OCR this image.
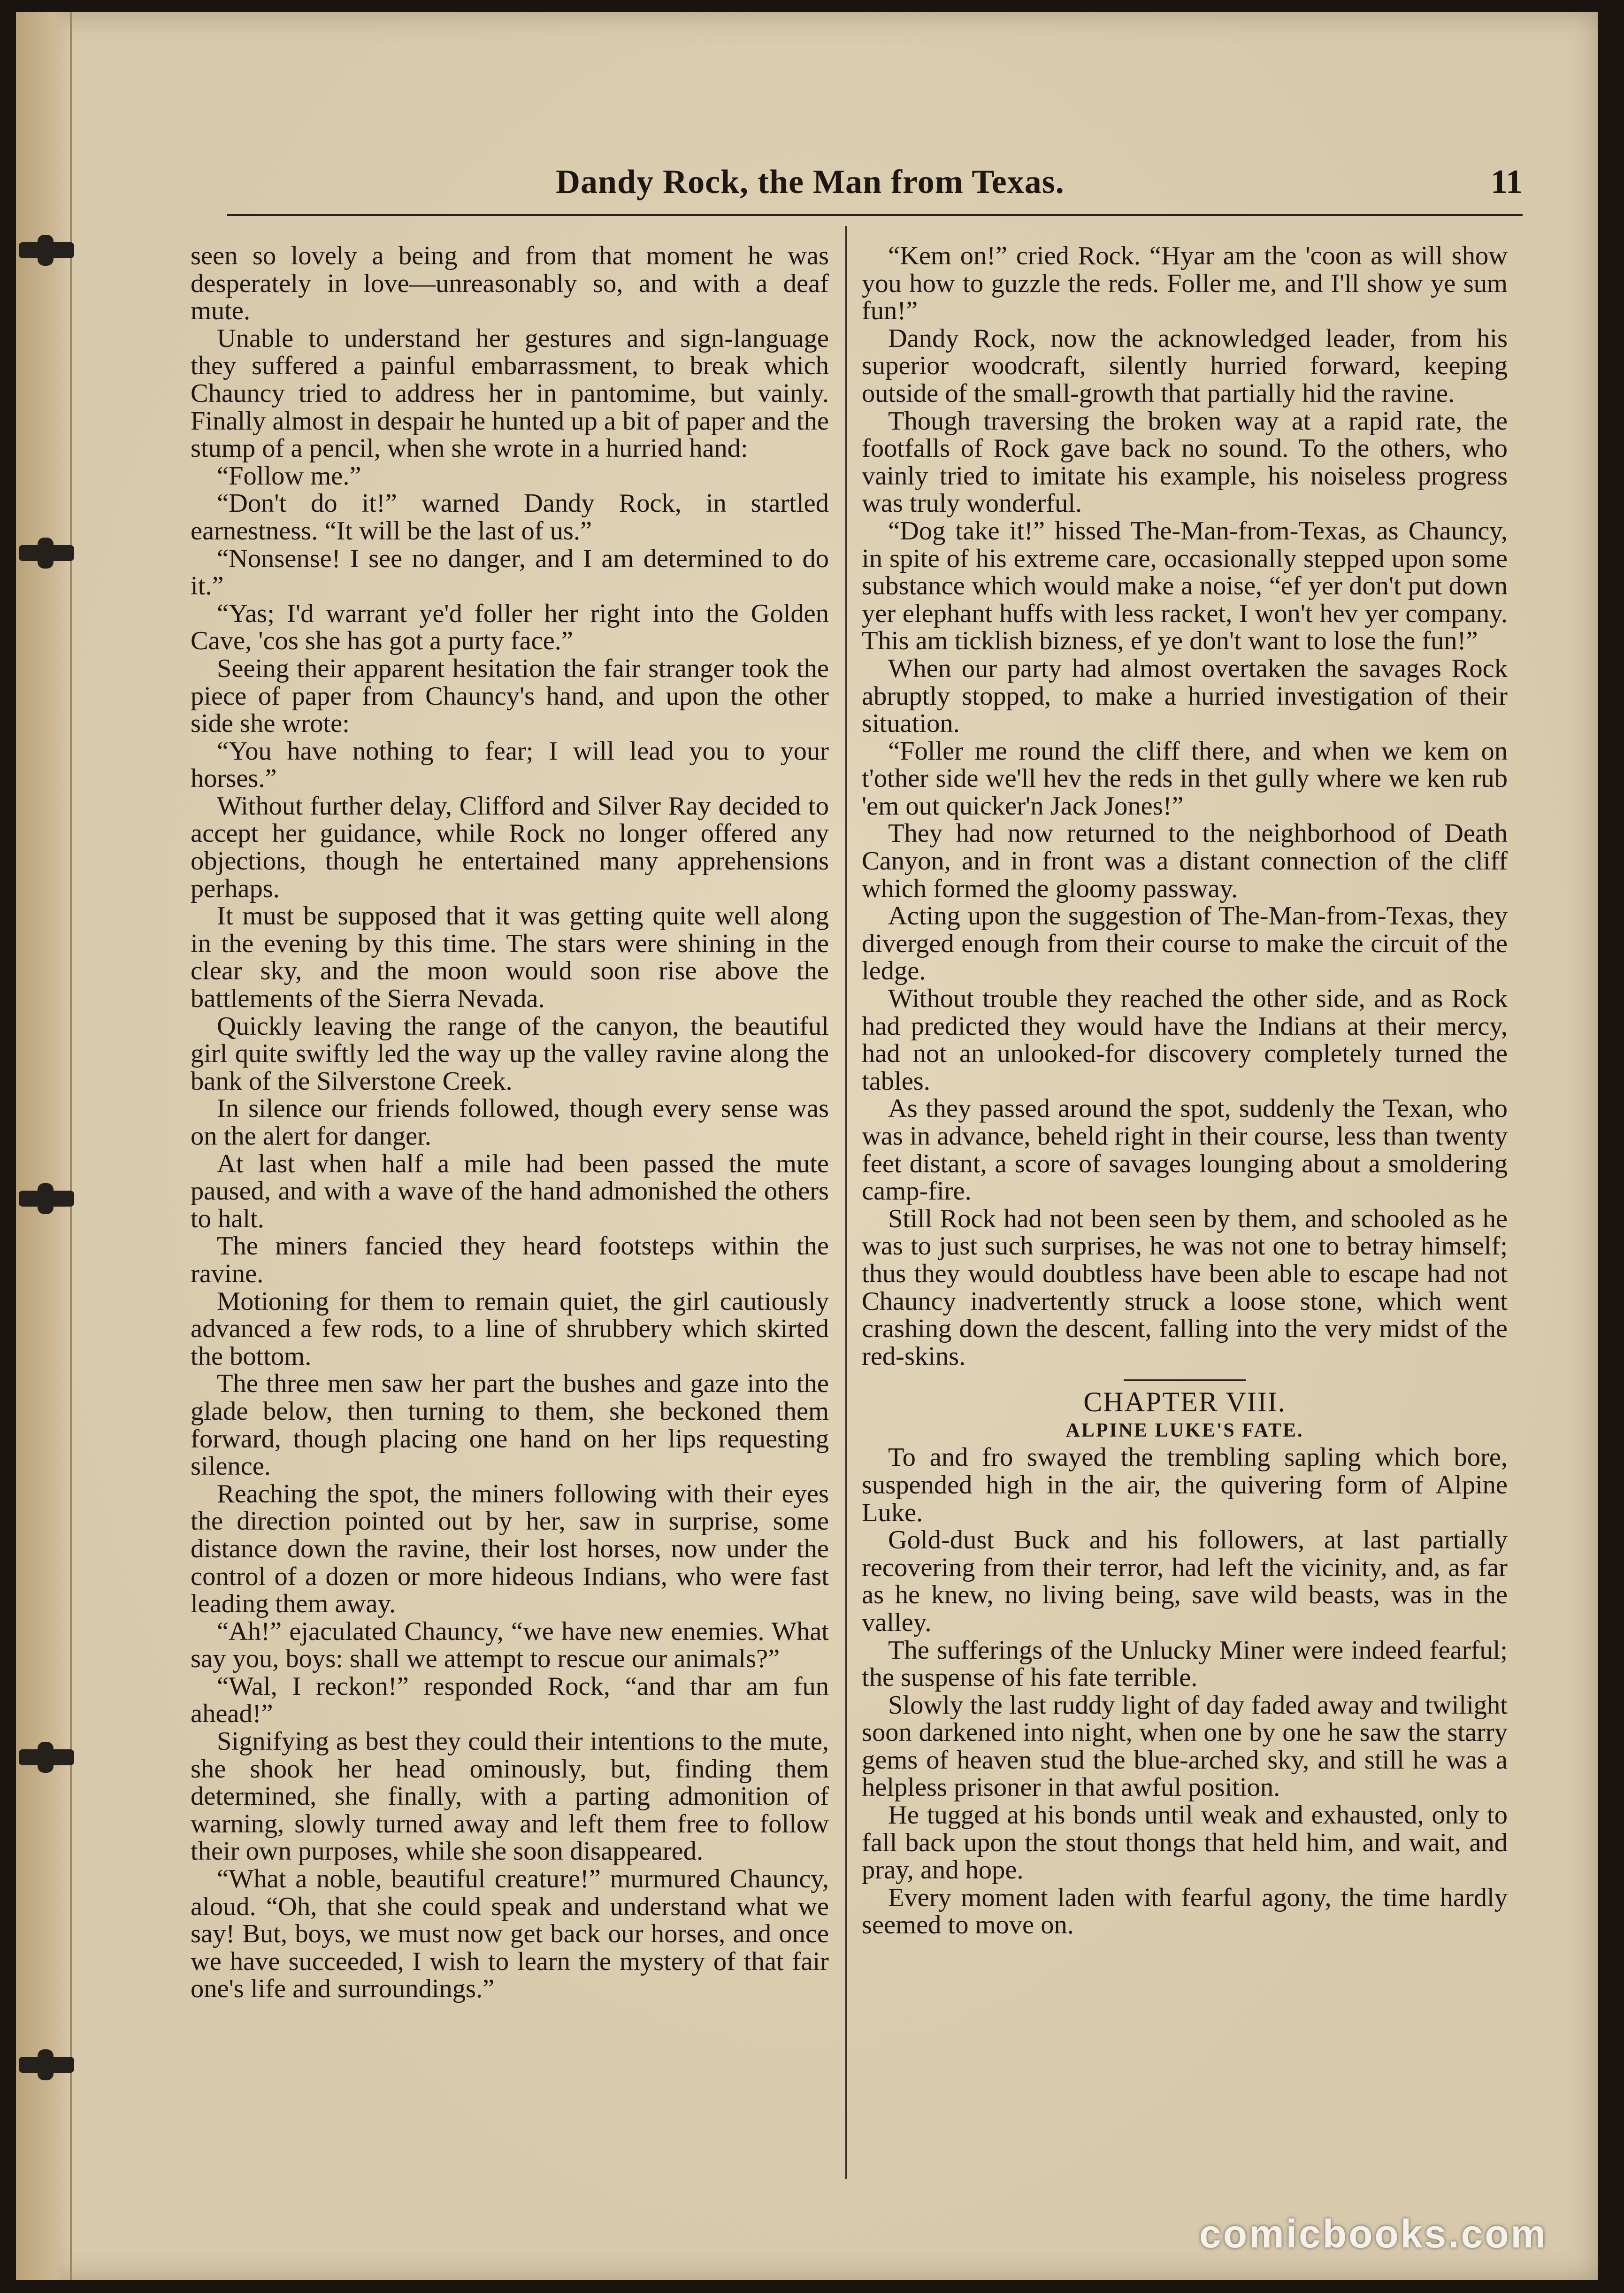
Dandy Rock, the Man from Texas.	11

seen so lovely a being and from that moment he was desperately in love—unreasonably so, and with a deaf mute.

Unable to understand her gestures and sign-language they suffered a painful embarrassment, to break which Chauncy tried to address her in pantomime, but vainly. Finally almost in despair he hunted up a bit of paper and the stump of a pencil, when she wrote in a hurried hand:

“Follow me.”

“Don't do it!” warned Dandy Rock, in startled earnestness. “It will be the last of us.”

“Nonsense! I see no danger, and I am determined to do it.”

“Yas; I'd warrant ye'd foller her right into the Golden Cave, 'cos she has got a purty face.”

Seeing their apparent hesitation the fair stranger took the piece of paper from Chauncy's hand, and upon the other side she wrote:

“You have nothing to fear; I will lead you to your horses.”

Without further delay, Clifford and Silver Ray decided to accept her guidance, while Rock no longer offered any objections, though he entertained many apprehensions perhaps.

It must be supposed that it was getting quite well along in the evening by this time. The stars were shining in the clear sky, and the moon would soon rise above the battlements of the Sierra Nevada.

Quickly leaving the range of the canyon, the beautiful girl quite swiftly led the way up the valley ravine along the bank of the Silverstone Creek.

In silence our friends followed, though every sense was on the alert for danger.

At last when half a mile had been passed the mute paused, and with a wave of the hand admonished the others to halt.

The miners fancied they heard footsteps within the ravine.

Motioning for them to remain quiet, the girl cautiously advanced a few rods, to a line of shrubbery which skirted the bottom.

The three men saw her part the bushes and gaze into the glade below, then turning to them, she beckoned them forward, though placing one hand on her lips requesting silence.

Reaching the spot, the miners following with their eyes the direction pointed out by her, saw in surprise, some distance down the ravine, their lost horses, now under the control of a dozen or more hideous Indians, who were fast leading them away.

“Ah!” ejaculated Chauncy, “we have new enemies. What say you, boys: shall we attempt to rescue our animals?”

“Wal, I reckon!” responded Rock, “and thar am fun ahead!”

Signifying as best they could their intentions to the mute, she shook her head ominously, but, finding them determined, she finally, with a parting admonition of warning, slowly turned away and left them free to follow their own purposes, while she soon disappeared.

“What a noble, beautiful creature!” murmured Chauncy, aloud. “Oh, that she could speak and understand what we say! But, boys, we must now get back our horses, and once we have succeeded, I wish to learn the mystery of that fair one's life and surroundings.”

“Kem on!” cried Rock. “Hyar am the 'coon as will show you how to guzzle the reds. Foller me, and I'll show ye sum fun!”

Dandy Rock, now the acknowledged leader, from his superior woodcraft, silently hurried forward, keeping outside of the small-growth that partially hid the ravine.

Though traversing the broken way at a rapid rate, the footfalls of Rock gave back no sound. To the others, who vainly tried to imitate his example, his noiseless progress was truly wonderful.

“Dog take it!” hissed The-Man-from-Texas, as Chauncy, in spite of his extreme care, occasionally stepped upon some substance which would make a noise, “ef yer don't put down yer elephant huffs with less racket, I won't hev yer company. This am ticklish bizness, ef ye don't want to lose the fun!”

When our party had almost overtaken the savages Rock abruptly stopped, to make a hurried investigation of their situation.

“Foller me round the cliff there, and when we kem on t'other side we'll hev the reds in thet gully where we ken rub 'em out quicker'n Jack Jones!”

They had now returned to the neighborhood of Death Canyon, and in front was a distant connection of the cliff which formed the gloomy passway.

Acting upon the suggestion of The-Man-from-Texas, they diverged enough from their course to make the circuit of the ledge.

Without trouble they reached the other side, and as Rock had predicted they would have the Indians at their mercy, had not an unlooked-for discovery completely turned the tables.

As they passed around the spot, suddenly the Texan, who was in advance, beheld right in their course, less than twenty feet distant, a score of savages lounging about a smoldering camp-fire.

Still Rock had not been seen by them, and schooled as he was to just such surprises, he was not one to betray himself; thus they would doubtless have been able to escape had not Chauncy inadvertently struck a loose stone, which went crashing down the descent, falling into the very midst of the red-skins.

CHAPTER VIII.

ALPINE LUKE'S FATE.

To and fro swayed the trembling sapling which bore, suspended high in the air, the quivering form of Alpine Luke.

Gold-dust Buck and his followers, at last partially recovering from their terror, had left the vicinity, and, as far as he knew, no living being, save wild beasts, was in the valley.

The sufferings of the Unlucky Miner were indeed fearful; the suspense of his fate terrible.

Slowly the last ruddy light of day faded away and twilight soon darkened into night, when one by one he saw the starry gems of heaven stud the blue-arched sky, and still he was a helpless prisoner in that awful position.

He tugged at his bonds until weak and exhausted, only to fall back upon the stout thongs that held him, and wait, and pray, and hope.

Every moment laden with fearful agony, the time hardly seemed to move on.

comicbooks.com
